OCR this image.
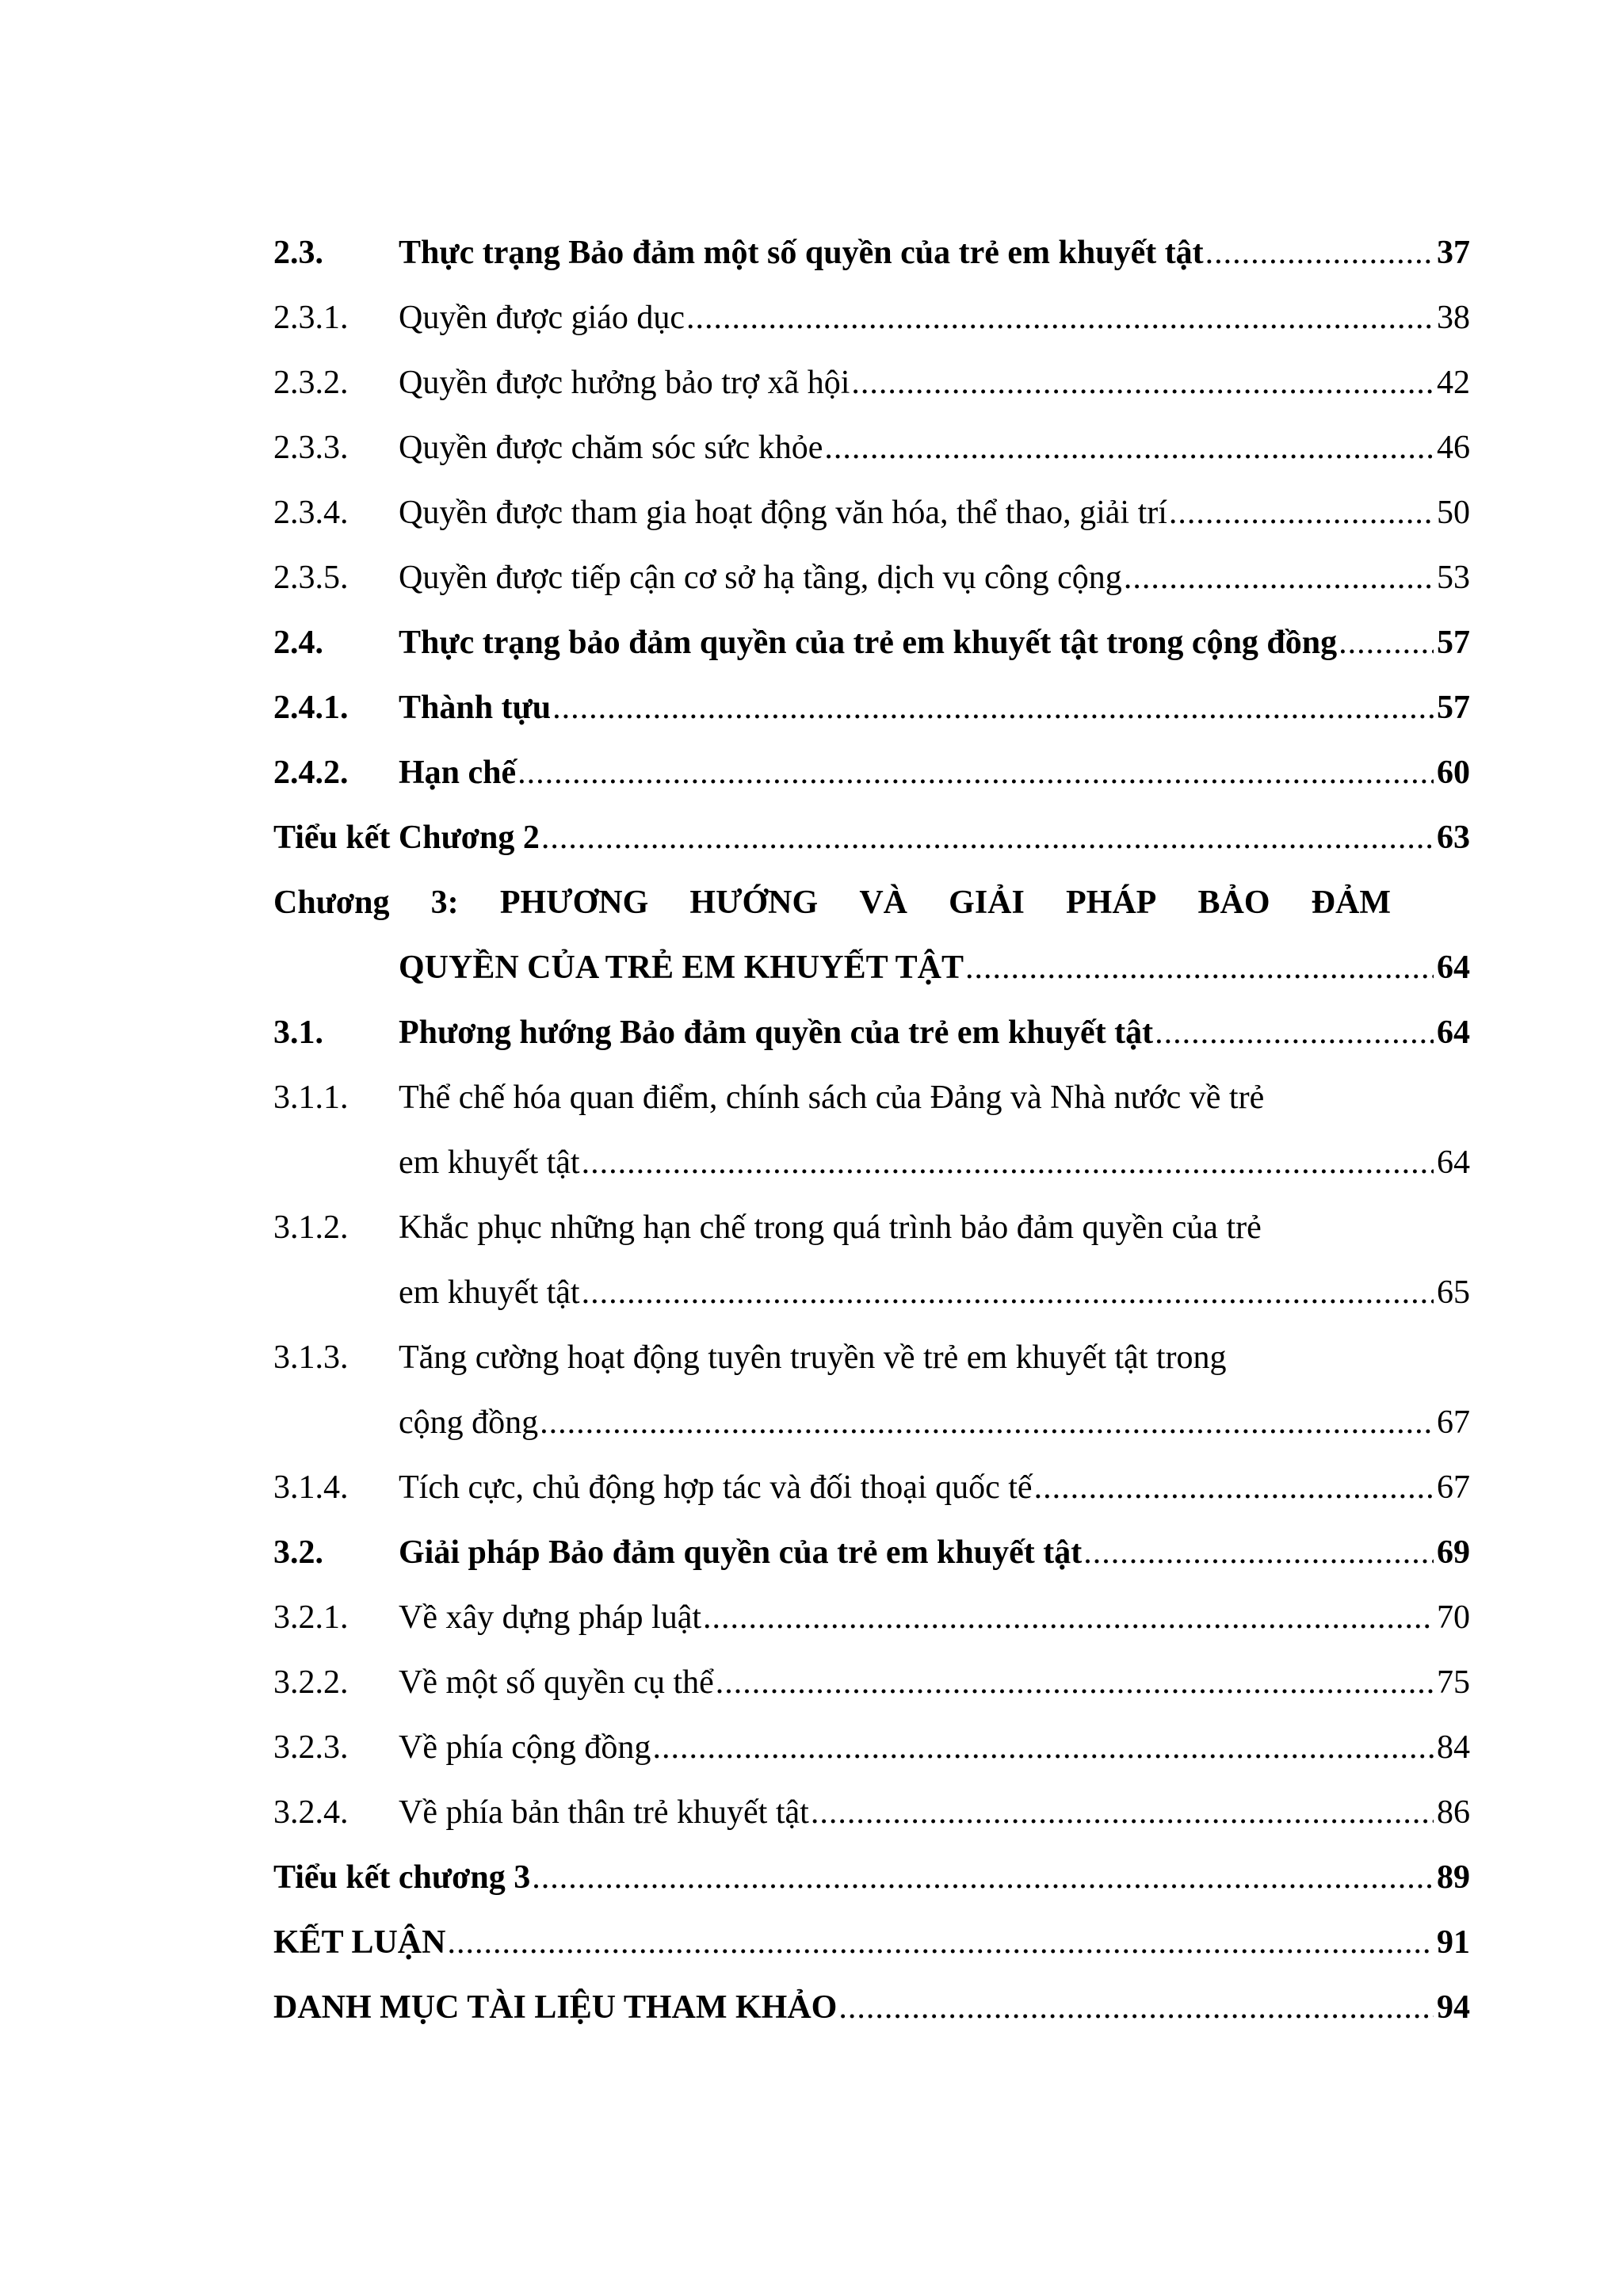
2.3.	Thực trạng Bảo đảm một số quyền của trẻ em khuyết tật .....	37
2.3.1.	Quyền được giáo dục .....	38
2.3.2.	Quyền được hưởng bảo trợ xã hội .....	42
2.3.3.	Quyền được chăm sóc sức khỏe .....	46
2.3.4.	Quyền được tham gia hoạt động văn hóa, thể thao, giải trí .....	50
2.3.5.	Quyền được tiếp cận cơ sở hạ tầng, dịch vụ công cộng .....	53
2.4.	Thực trạng bảo đảm quyền của trẻ em khuyết tật trong cộng đồng .....	57
2.4.1.	Thành tựu .....	57
2.4.2.	Hạn chế .....	60
Tiểu kết Chương 2 .....	63
Chương 3: PHƯƠNG HƯỚNG VÀ GIẢI PHÁP BẢO ĐẢM
QUYỀN CỦA TRẺ EM KHUYẾT TẬT .....	64
3.1.	Phương hướng Bảo đảm quyền của trẻ em khuyết tật .....	64
3.1.1.	Thể chế hóa quan điểm, chính sách của Đảng và Nhà nước về trẻ
em khuyết tật .....	64
3.1.2.	Khắc phục những hạn chế trong quá trình bảo đảm quyền của trẻ
em khuyết tật .....	65
3.1.3.	Tăng cường hoạt động tuyên truyền về trẻ em khuyết tật trong
cộng đồng .....	67
3.1.4.	Tích cực, chủ động hợp tác và đối thoại quốc tế .....	67
3.2.	Giải pháp Bảo đảm quyền của trẻ em khuyết tật .....	69
3.2.1.	Về xây dựng pháp luật .....	70
3.2.2.	Về một số quyền cụ thể .....	75
3.2.3.	Về phía cộng đồng .....	84
3.2.4.	Về phía bản thân trẻ khuyết tật .....	86
Tiểu kết chương 3 .....	89
KẾT LUẬN .....	91
DANH MỤC TÀI LIỆU THAM KHẢO .....	94
